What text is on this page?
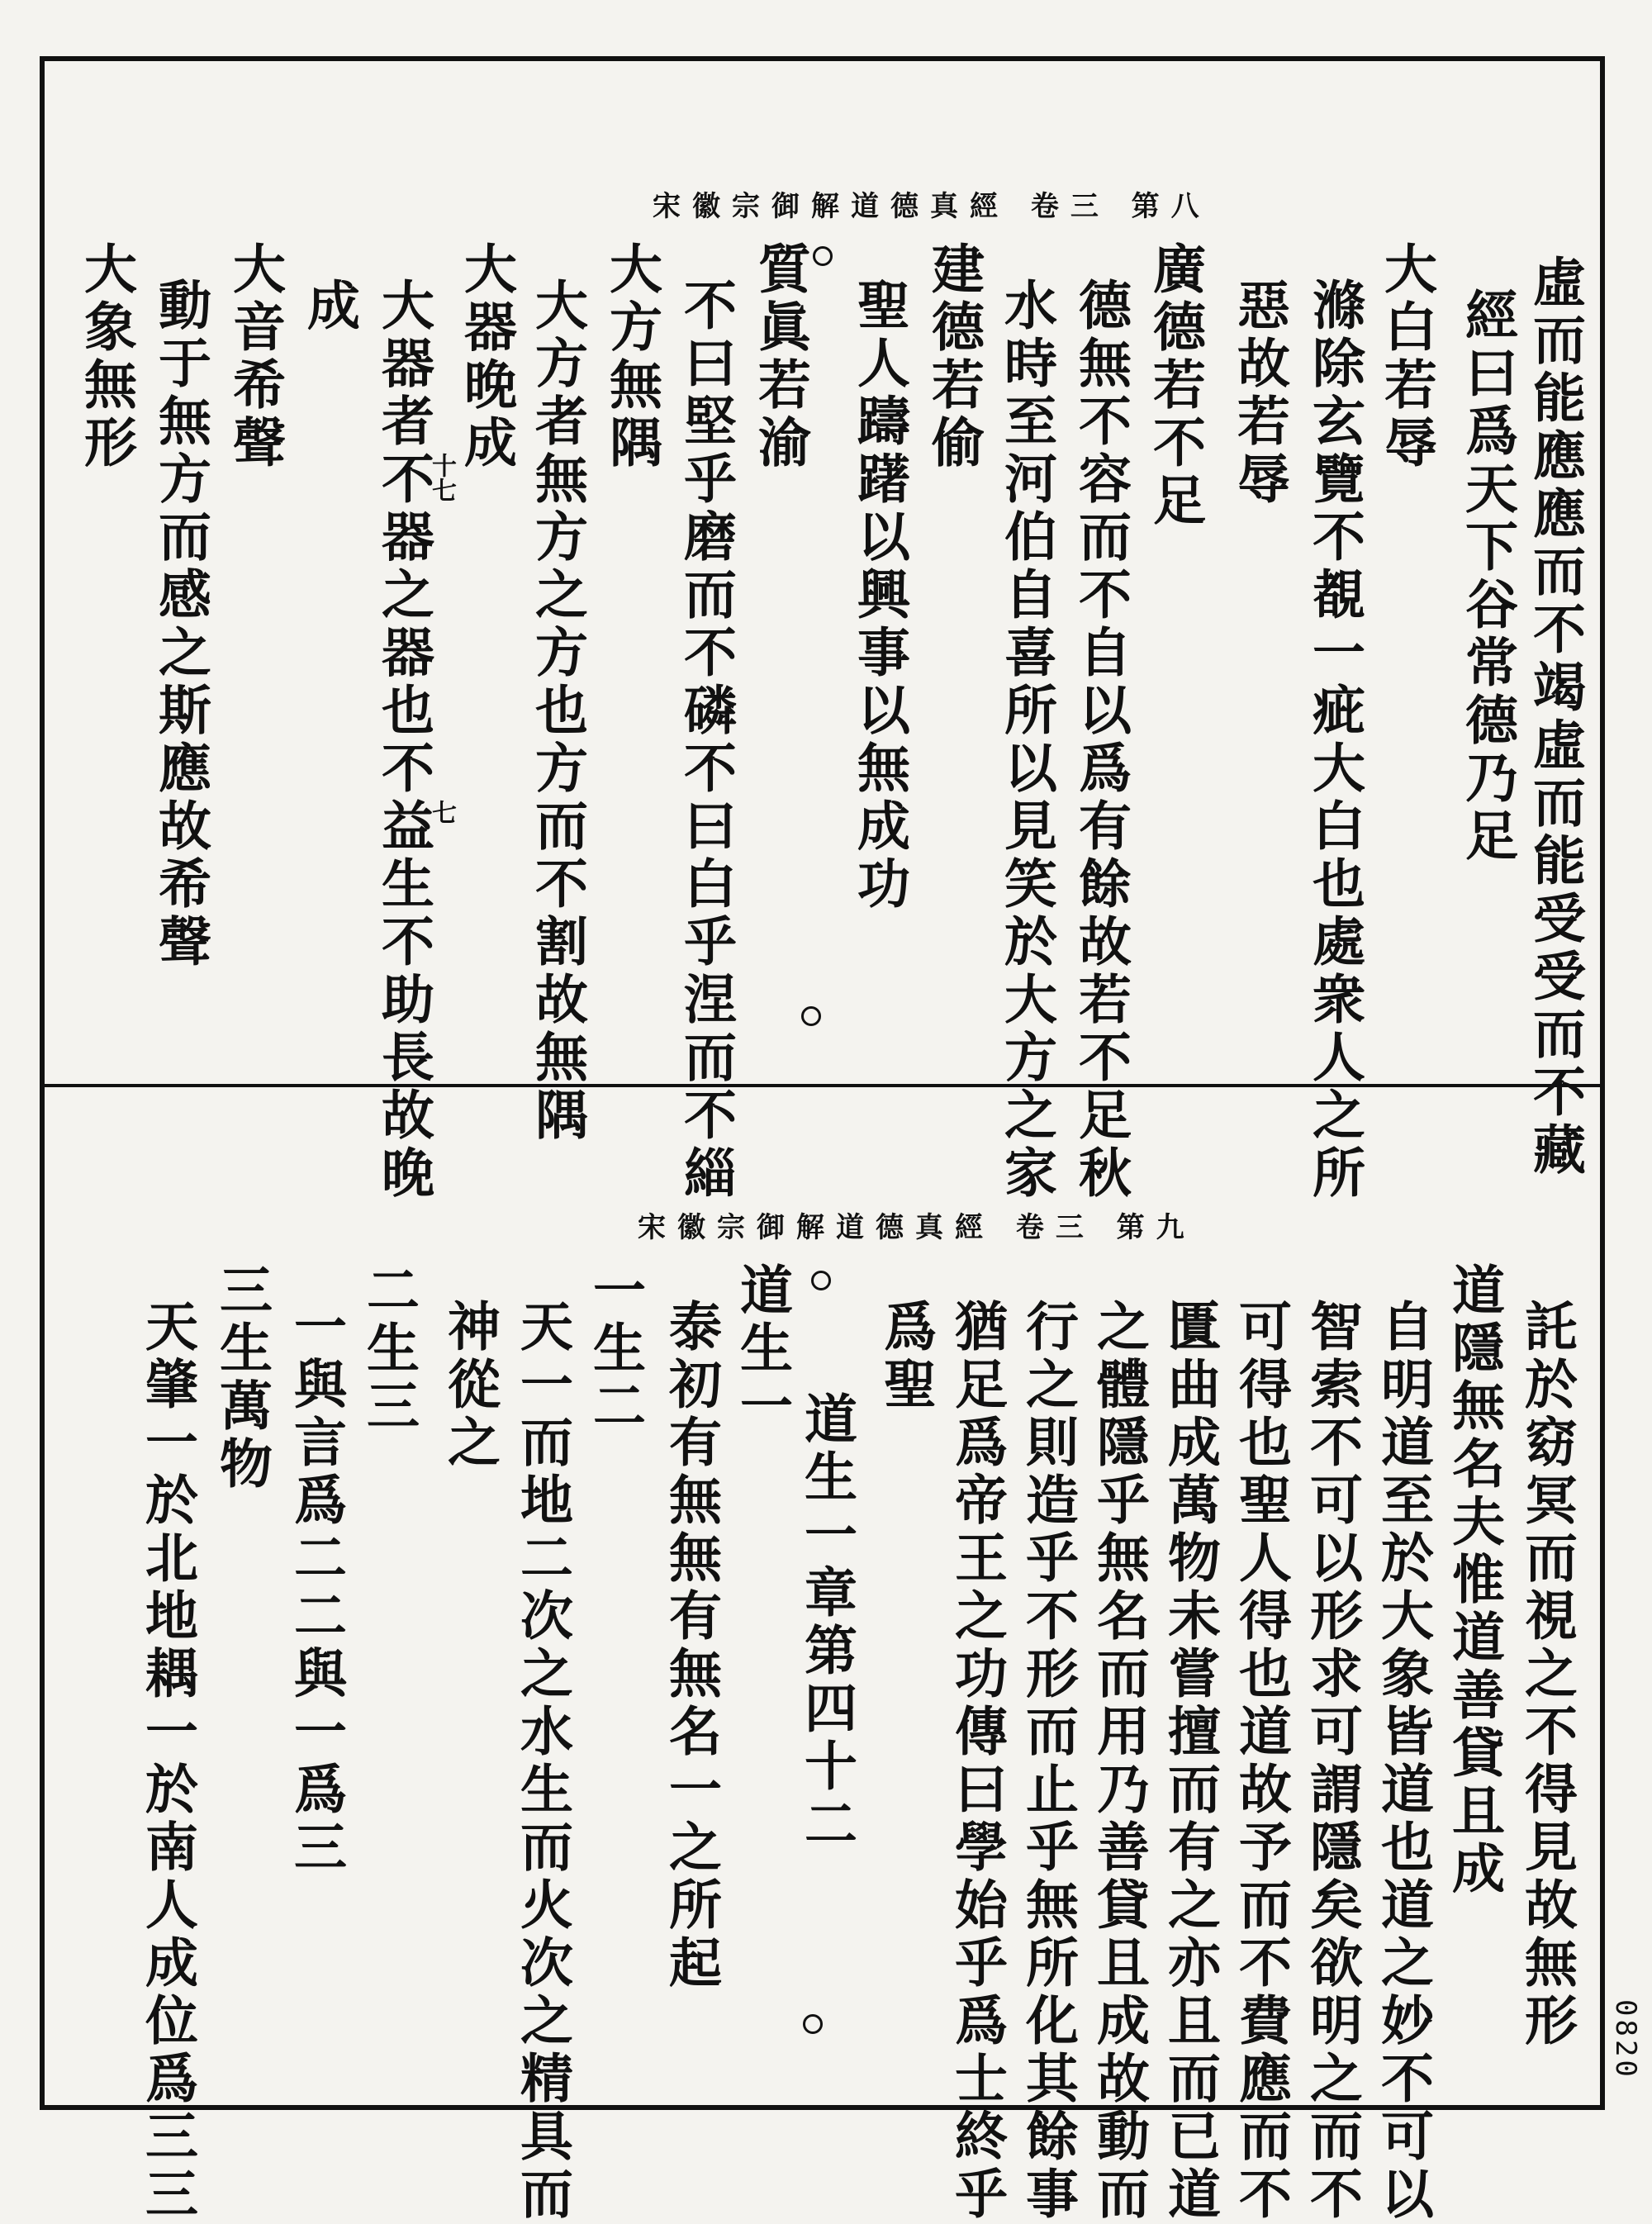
宋徽宗御解道德真經 卷三 第八
虛而能應應而不竭虛而能受受而不藏
經曰爲天下谷常德乃足
大白若辱
滌除玄覽不覩一疵大白也處衆人之所
惡故若辱
廣德若不足
德無不容而不自以爲有餘故若不足秋
水時至河伯自喜所以見笑於大方之家
建德若偷
聖人躊躇以興事以無成功
質眞若渝
不曰堅乎磨而不磷不曰白乎涅而不緇
大方無隅
大方者無方之方也方而不割故無隅
大器晚成
大器者不器之器也不益生不助長故晚
成
大音希聲
動于無方而感之斯應故希聲
大象無形
十七
七
宋徽宗御解道德真經 卷三 第九
託於窈冥而視之不得見故無形
道隱無名夫惟道善貸且成
自明道至於大象皆道也道之妙不可以
智索不可以形求可謂隱矣欲明之而不
可得也聖人得也道故予而不費應而不
匱曲成萬物未嘗擅而有之亦且而已道
之體隱乎無名而用乃善貸且成故動而
行之則造乎不形而止乎無所化其餘事
猶足爲帝王之功傳曰學始乎爲士終乎
爲聖
道生一章第四十二
道生一
泰初有無無有無名一之所起
一生二
天一而地二次之水生而火次之精具而
神從之
二生三
一與言爲二二與一爲三
三生萬物
天肇一於北地耦一於南人成位爲三三	0820
